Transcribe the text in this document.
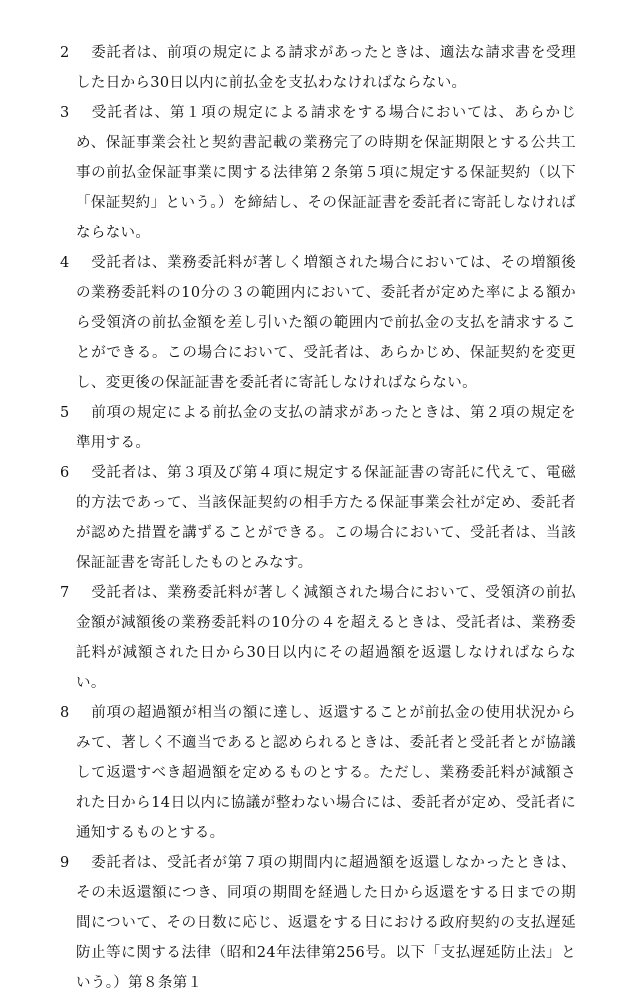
2 委託者は、前項の規定による請求があったときは、適法な請求書を受理した日から30日以内に前払金を支払わなければならない。

3 受託者は、第１項の規定による請求をする場合においては、あらかじめ、保証事業会社と契約書記載の業務完了の時期を保証期限とする公共工事の前払金保証事業に関する法律第２条第５項に規定する保証契約（以下「保証契約」という。）を締結し、その保証証書を委託者に寄託しなければならない。

4 受託者は、業務委託料が著しく増額された場合においては、その増額後の業務委託料の10分の３の範囲内において、委託者が定めた率による額から受領済の前払金額を差し引いた額の範囲内で前払金の支払を請求することができる。この場合において、受託者は、あらかじめ、保証契約を変更し、変更後の保証証書を委託者に寄託しなければならない。

5 前項の規定による前払金の支払の請求があったときは、第２項の規定を準用する。

6 受託者は、第３項及び第４項に規定する保証証書の寄託に代えて、電磁的方法であって、当該保証契約の相手方たる保証事業会社が定め、委託者が認めた措置を講ずることができる。この場合において、受託者は、当該保証証書を寄託したものとみなす。

7 受託者は、業務委託料が著しく減額された場合において、受領済の前払金額が減額後の業務委託料の10分の４を超えるときは、受託者は、業務委託料が減額された日から30日以内にその超過額を返還しなければならない。

8 前項の超過額が相当の額に達し、返還することが前払金の使用状況からみて、著しく不適当であると認められるときは、委託者と受託者とが協議して返還すべき超過額を定めるものとする。ただし、業務委託料が減額された日から14日以内に協議が整わない場合には、委託者が定め、受託者に通知するものとする。

9 委託者は、受託者が第７項の期間内に超過額を返還しなかったときは、その未返還額につき、同項の期間を経過した日から返還をする日までの期間について、その日数に応じ、返還をする日における政府契約の支払遅延防止等に関する法律（昭和24年法律第256号。以下「支払遅延防止法」という。）第８条第１
